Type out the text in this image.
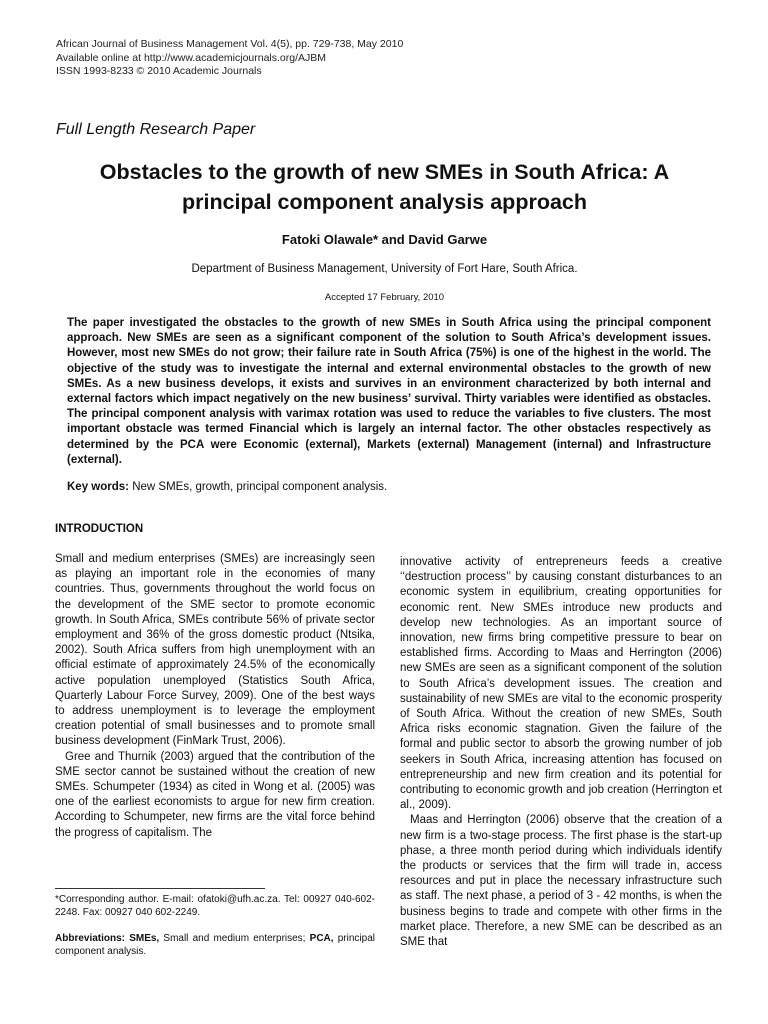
African Journal of Business Management Vol. 4(5), pp. 729-738, May 2010
Available online at http://www.academicjournals.org/AJBM
ISSN 1993-8233 © 2010 Academic Journals
Full Length Research Paper
Obstacles to the growth of new SMEs in South Africa: A principal component analysis approach
Fatoki Olawale* and David Garwe
Department of Business Management, University of Fort Hare, South Africa.
Accepted 17 February, 2010
The paper investigated the obstacles to the growth of new SMEs in South Africa using the principal component approach. New SMEs are seen as a significant component of the solution to South Africa’s development issues. However, most new SMEs do not grow; their failure rate in South Africa (75%) is one of the highest in the world. The objective of the study was to investigate the internal and external environmental obstacles to the growth of new SMEs. As a new business develops, it exists and survives in an environment characterized by both internal and external factors which impact negatively on the new business’ survival. Thirty variables were identified as obstacles. The principal component analysis with varimax rotation was used to reduce the variables to five clusters. The most important obstacle was termed Financial which is largely an internal factor. The other obstacles respectively as determined by the PCA were Economic (external), Markets (external) Management (internal) and Infrastructure (external).
Key words: New SMEs, growth, principal component analysis.
INTRODUCTION

Small and medium enterprises (SMEs) are increasingly seen as playing an important role in the economies of many countries. Thus, governments throughout the world focus on the development of the SME sector to promote economic growth. In South Africa, SMEs contribute 56% of private sector employment and 36% of the gross domestic product (Ntsika, 2002). South Africa suffers from high unemployment with an official estimate of approximately 24.5% of the economically active population unemployed (Statistics South Africa, Quarterly Labour Force Survey, 2009). One of the best ways to address unemployment is to leverage the employment creation potential of small businesses and to promote small business development (FinMark Trust, 2006).

Gree and Thurnik (2003) argued that the contribution of the SME sector cannot be sustained without the creation of new SMEs. Schumpeter (1934) as cited in Wong et al. (2005) was one of the earliest economists to argue for new firm creation. According to Schumpeter, new firms are the vital force behind the progress of capitalism. The

innovative activity of entrepreneurs feeds a creative ‘‘destruction process’’ by causing constant disturbances to an economic system in equilibrium, creating opportunities for economic rent. New SMEs introduce new products and develop new technologies. As an important source of innovation, new firms bring competitive pressure to bear on established firms. According to Maas and Herrington (2006) new SMEs are seen as a significant component of the solution to South Africa’s development issues. The creation and sustainability of new SMEs are vital to the economic prosperity of South Africa. Without the creation of new SMEs, South Africa risks economic stagnation. Given the failure of the formal and public sector to absorb the growing number of job seekers in South Africa, increasing attention has focused on entrepreneurship and new firm creation and its potential for contributing to economic growth and job creation (Herrington et al., 2009).

Maas and Herrington (2006) observe that the creation of a new firm is a two-stage process. The first phase is the start-up phase, a three month period during which individuals identify the products or services that the firm will trade in, access resources and put in place the necessary infrastructure such as staff. The next phase, a period of 3 - 42 months, is when the business begins to trade and compete with other firms in the market place. Therefore, a new SME can be described as an SME that

*Corresponding author. E-mail: ofatoki@ufh.ac.za. Tel: 00927 040-602-2248. Fax: 00927 040 602-2249.
Abbreviations: SMEs, Small and medium enterprises; PCA, principal component analysis.
